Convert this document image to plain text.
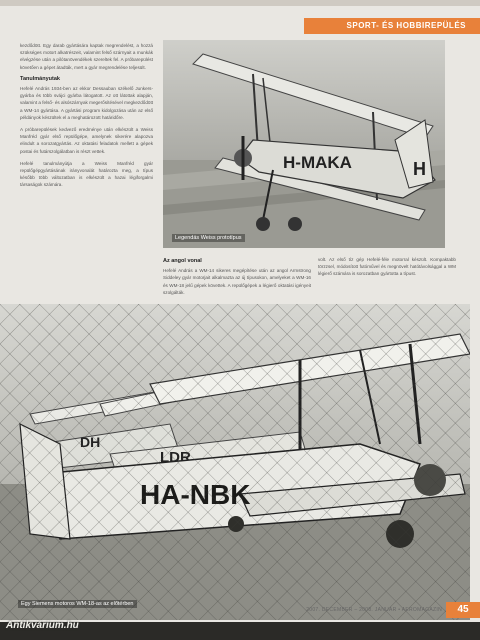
SPORT- ÉS HOBBIREPÜLÉS

kezdődött. Egy darab gyártására kaptak megrendelést, a hozzá szükséges motort alkatrészeit, valamint felső szárnyait a munkák elvégzése után a pilótanövendékek szereltek fel. A próbarepülést követően a gépet átadták, mert a gyár megrendelése teljesült.

Tanulmányutak

Hefelé András 1934-ben az ekkor Dessauban székelő Junkers-gyárba és több svájci gyárba látogatott. Az ott látottak alapján, valamint a felső- és alsószárnyak megerősítésével megkezdődött a WM-14 gyártása. A gyártási program kidolgozása után az első példányok készültek el a meghatározott határidőre.

A próbarepülések kedvező eredménye után elkészült a Weiss Manfréd gyár első repülőgépe, amelynek sikerére alapozva elindult a sorozatgyártás. Az oktatási feladatok mellett a gépek postai és futárszolgálatban is részt vettek.

Hefelé tanulmányútja a Weiss Manfréd gyár repülőgépgyártásának irányvonalát határozta meg, a típus később több változatban is elkészült a hazai légiforgalmi társaságok számára.

H-MAKA	H
Legendás Weiss prototípus
Az angol vonal

Hefelé András a WM-14 sikeres megépítése után az angol Armstrong Siddeley gyár motorjait alkalmazta az új típusokon, amelyeket a WM-16 és WM-18 jelű gépek követtek. A repülőgépek a légierő oktatási igényeit szolgálták.

volt. Az első tíz gép Hefelé-féle motorral készült. Kompaktabb törzzsel, módosított futóművel és megnövelt hatótávolsággal a WM légierő számára is sorozatban gyártotta a típust.

Egy Siemens motoros WM-18-as az előtérben
2007. DECEMBER – 2008. JANUÁR • AEROMAGAZIN	45
Antikvárium.hu
